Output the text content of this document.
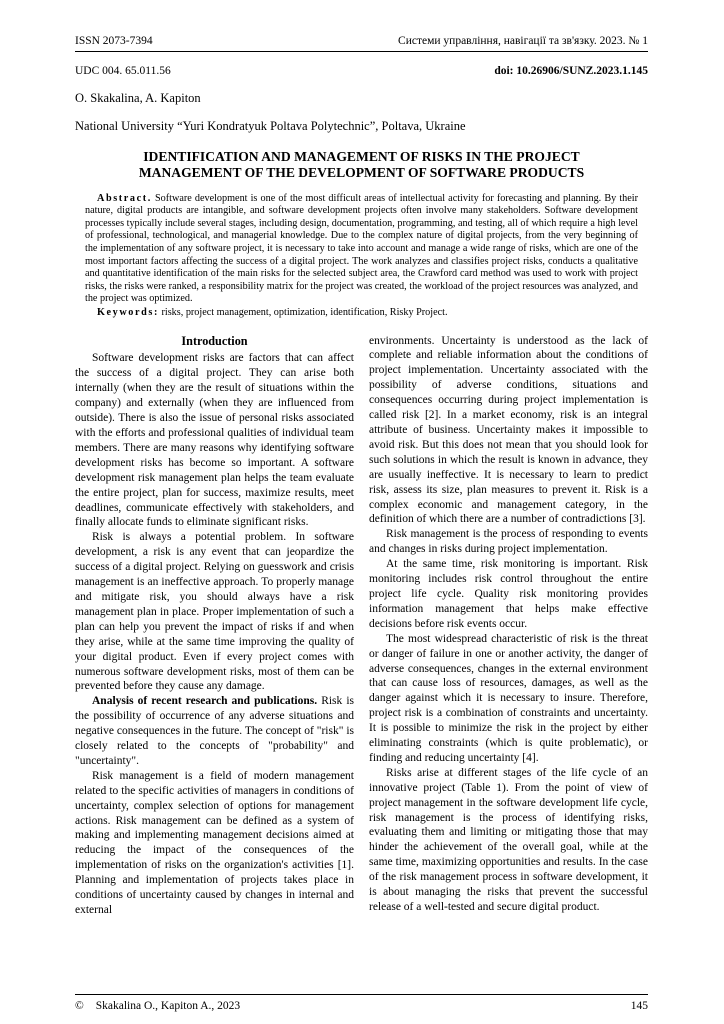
ISSN 2073-7394	Системи управління, навігації та зв'язку. 2023. № 1
UDC 004. 65.011.56	doi: 10.26906/SUNZ.2023.1.145
O. Skakalina, A. Kapiton
National University “Yuri Kondratyuk Poltava Polytechnic”, Poltava, Ukraine
IDENTIFICATION AND MANAGEMENT OF RISKS IN THE PROJECT MANAGEMENT OF THE DEVELOPMENT OF SOFTWARE PRODUCTS
Abstract. Software development is one of the most difficult areas of intellectual activity for forecasting and planning. By their nature, digital products are intangible, and software development projects often involve many stakeholders. Software development processes typically include several stages, including design, documentation, programming, and testing, all of which require a high level of professional, technological, and managerial knowledge. Due to the complex nature of digital projects, from the very beginning of the implementation of any software project, it is necessary to take into account and manage a wide range of risks, which are one of the most important factors affecting the success of a digital project. The work analyzes and classifies project risks, conducts a qualitative and quantitative identification of the main risks for the selected subject area, the Crawford card method was used to work with project risks, the risks were ranked, a responsibility matrix for the project was created, the workload of the project resources was analyzed, and the project was optimized.
Keywords: risks, project management, optimization, identification, Risky Project.
Introduction

Software development risks are factors that can affect the success of a digital project. They can arise both internally (when they are the result of situations within the company) and externally (when they are influenced from outside). There is also the issue of personal risks associated with the efforts and professional qualities of individual team members. There are many reasons why identifying software development risks has become so important. A software development risk management plan helps the team evaluate the entire project, plan for success, maximize results, meet deadlines, communicate effectively with stakeholders, and finally allocate funds to eliminate significant risks.

Risk is always a potential problem. In software development, a risk is any event that can jeopardize the success of a digital project. Relying on guesswork and crisis management is an ineffective approach. To properly manage and mitigate risk, you should always have a risk management plan in place. Proper implementation of such a plan can help you prevent the impact of risks if and when they arise, while at the same time improving the quality of your digital product. Even if every project comes with numerous software development risks, most of them can be prevented before they cause any damage.

Analysis of recent research and publications. Risk is the possibility of occurrence of any adverse situations and negative consequences in the future. The concept of "risk" is closely related to the concepts of "probability" and "uncertainty".

Risk management is a field of modern management related to the specific activities of managers in conditions of uncertainty, complex selection of options for management actions. Risk management can be defined as a system of making and implementing management decisions aimed at reducing the impact of the consequences of the implementation of risks on the organization's activities [1]. Planning and implementation of projects takes place in conditions of uncertainty caused by changes in internal and external

environments. Uncertainty is understood as the lack of complete and reliable information about the conditions of project implementation. Uncertainty associated with the possibility of adverse conditions, situations and consequences occurring during project implementation is called risk [2]. In a market economy, risk is an integral attribute of business. Uncertainty makes it impossible to avoid risk. But this does not mean that you should look for such solutions in which the result is known in advance, they are usually ineffective. It is necessary to learn to predict risk, assess its size, plan measures to prevent it. Risk is a complex economic and management category, in the definition of which there are a number of contradictions [3].

Risk management is the process of responding to events and changes in risks during project implementation.

At the same time, risk monitoring is important. Risk monitoring includes risk control throughout the entire project life cycle. Quality risk monitoring provides information management that helps make effective decisions before risk events occur.

The most widespread characteristic of risk is the threat or danger of failure in one or another activity, the danger of adverse consequences, changes in the external environment that can cause loss of resources, damages, as well as the danger against which it is necessary to insure. Therefore, project risk is a combination of constraints and uncertainty. It is possible to minimize the risk in the project by either eliminating constraints (which is quite problematic), or finding and reducing uncertainty [4].

Risks arise at different stages of the life cycle of an innovative project (Table 1). From the point of view of project management in the software development life cycle, risk management is the process of identifying risks, evaluating them and limiting or mitigating those that may hinder the achievement of the overall goal, while at the same time, maximizing opportunities and results. In the case of the risk management process in software development, it is about managing the risks that prevent the successful release of a well-tested and secure digital product.

© Skakalina O., Kapiton A., 2023	145
